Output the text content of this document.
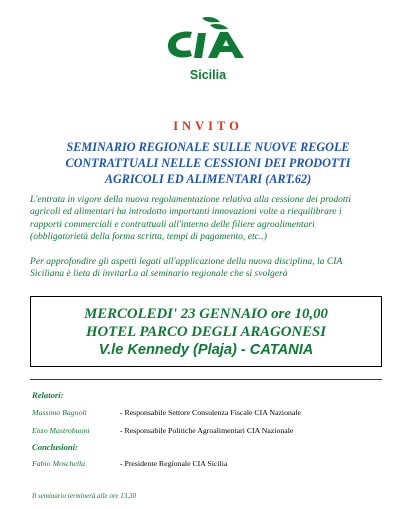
Sicilia
INVITO
SEMINARIO REGIONALE SULLE NUOVE REGOLE
CONTRATTUALI NELLE CESSIONI DEI PRODOTTI
AGRICOLI ED ALIMENTARI (ART.62)
L'entrata in vigore della nuova regolamentazione relativa alla cessione dei prodotti
agricoli ed alimentari ha introdotto importanti innovazioni volte a riequilibrare i
rapporti commerciali e contrattuali all'interno delle filiere agroalimentari
(obbligatorietà della forma scritta, tempi di pagamento, etc..)
Per approfondire gli aspetti legati all'applicazione della nuova disciplina, la CIA
Siciliana è lieta di invitarLa al seminario regionale che si svolgerà
MERCOLEDI' 23 GENNAIO ore 10,00
HOTEL PARCO DEGLI ARAGONESI
V.le Kennedy (Plaja) - CATANIA
Relatori:
Massimo Bagnoli	- Responsabile Settore Consulenza Fiscale CIA Nazionale
Enzo Mastrobuoni	- Responsabile Politiche Agroalimentari CIA Nazionale
Conclusioni:
Fabio Moschella	- Presidente Regionale CIA Sicilia
Il seminario terminerà alle ore 13,30
